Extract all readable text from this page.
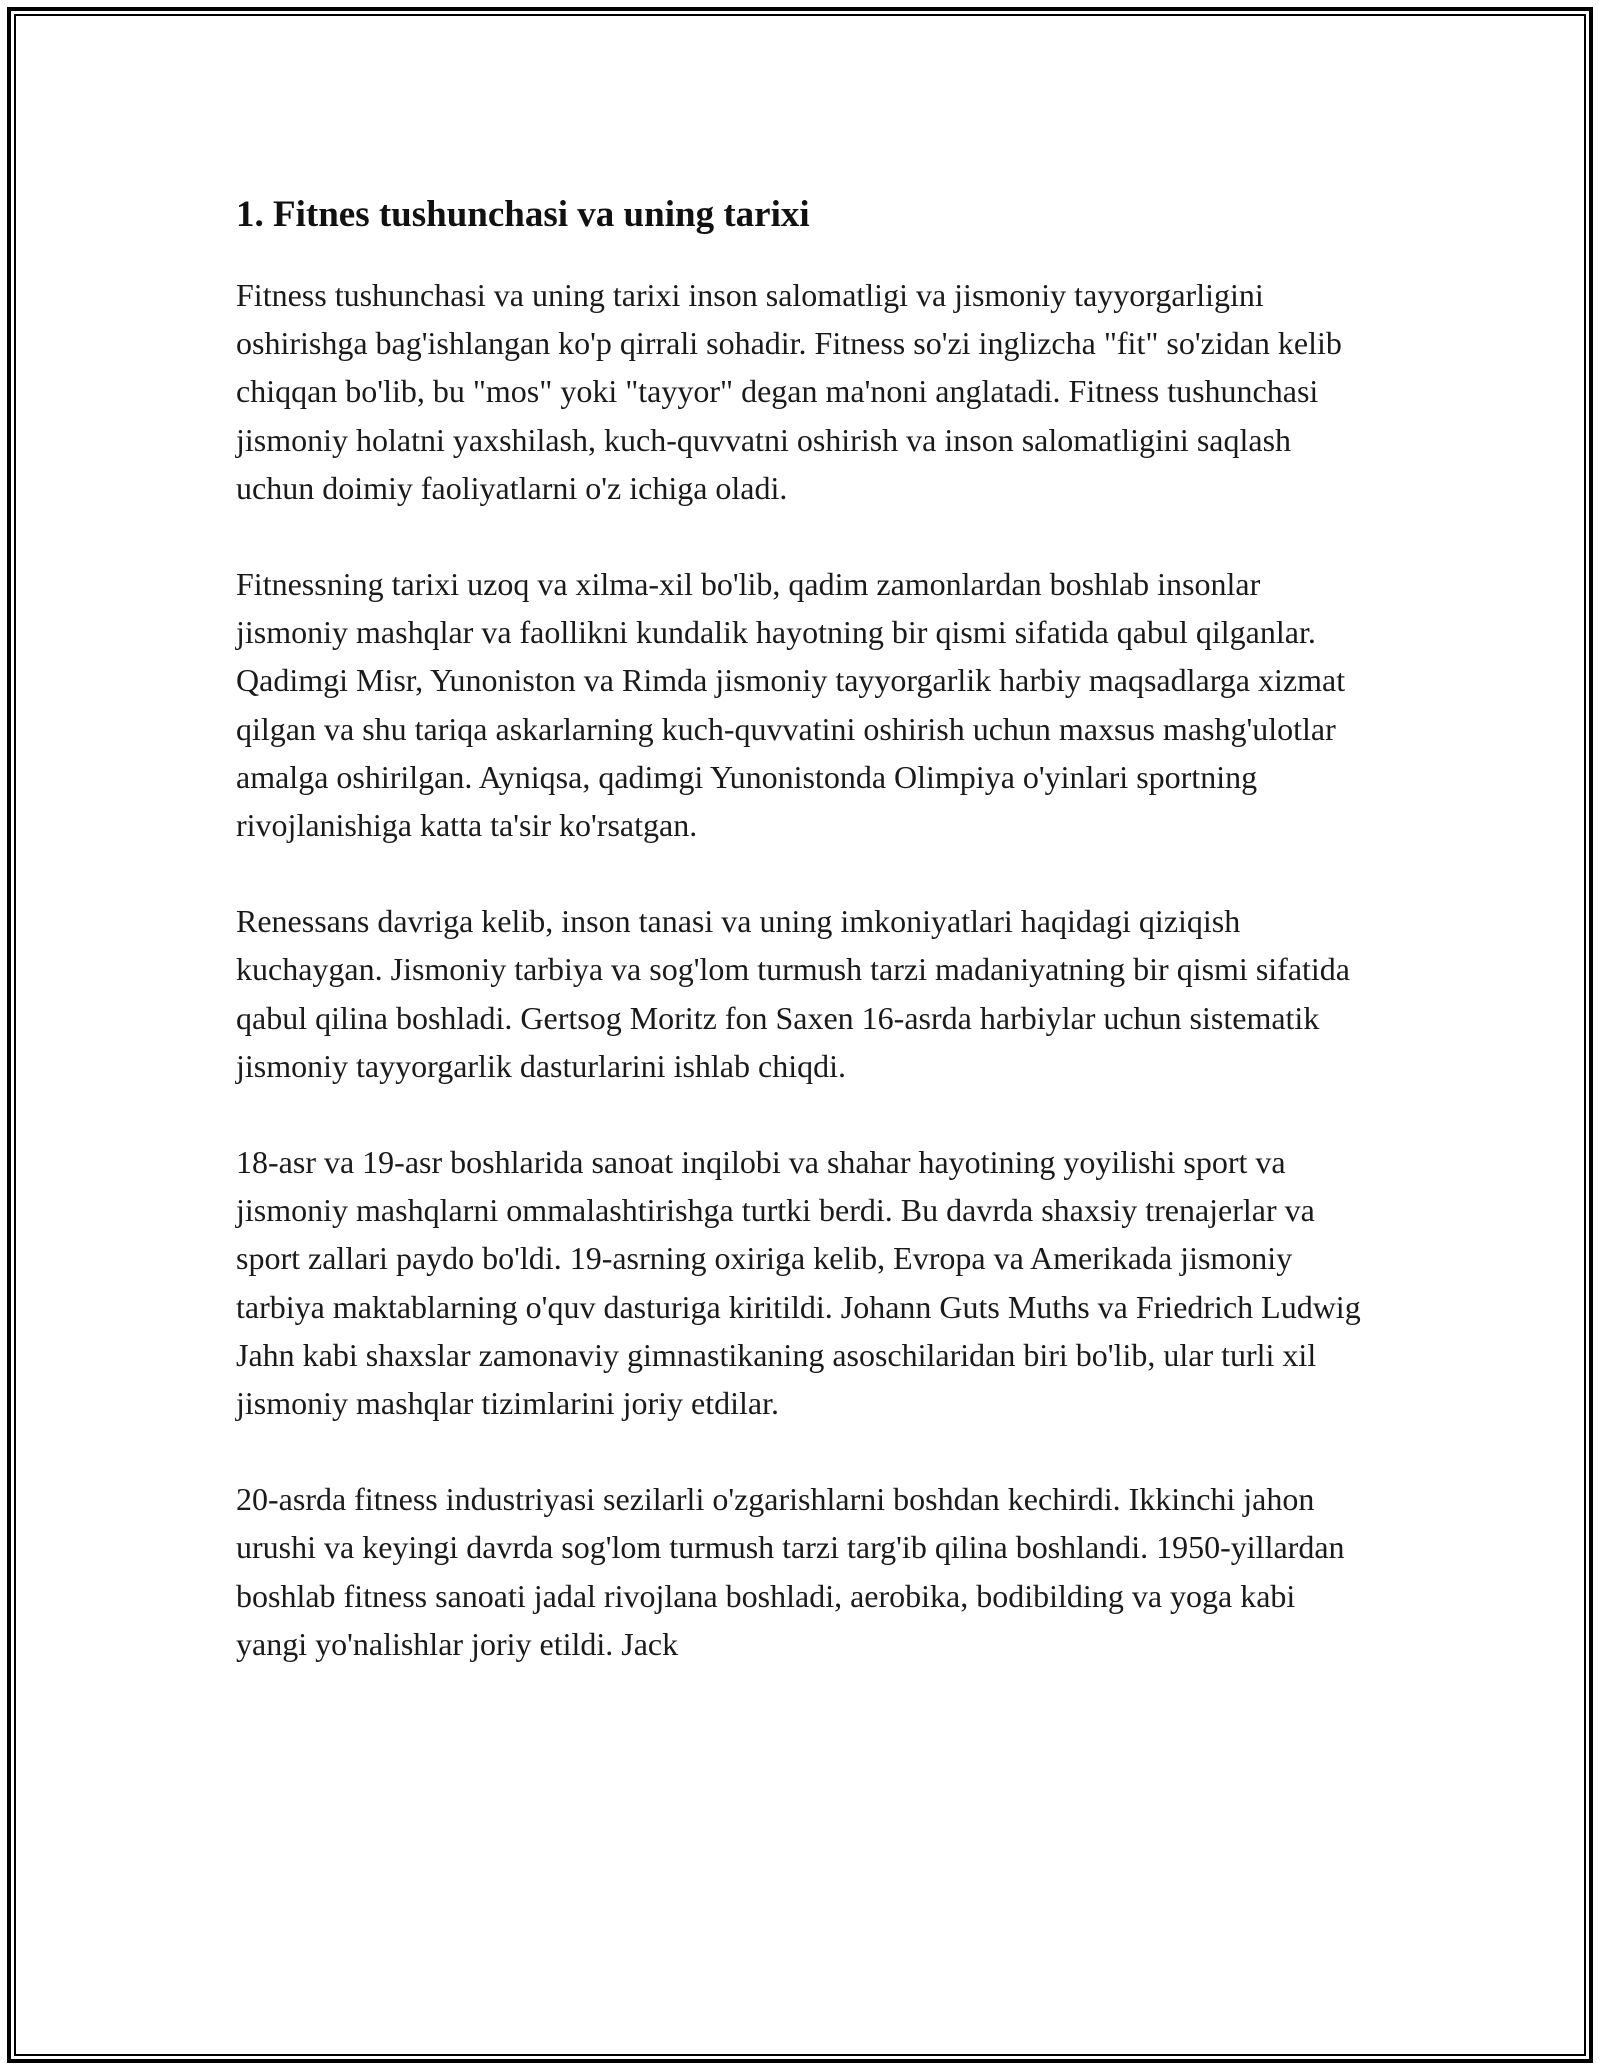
1. Fitnes tushunchasi va uning tarixi

Fitness tushunchasi va uning tarixi inson salomatligi va jismoniy tayyorgarligini oshirishga bag'ishlangan ko'p qirrali sohadir. Fitness so'zi inglizcha "fit" so'zidan kelib chiqqan bo'lib, bu "mos" yoki "tayyor" degan ma'noni anglatadi. Fitness tushunchasi jismoniy holatni yaxshilash, kuch-quvvatni oshirish va inson salomatligini saqlash uchun doimiy faoliyatlarni o'z ichiga oladi.

Fitnessning tarixi uzoq va xilma-xil bo'lib, qadim zamonlardan boshlab insonlar jismoniy mashqlar va faollikni kundalik hayotning bir qismi sifatida qabul qilganlar. Qadimgi Misr, Yunoniston va Rimda jismoniy tayyorgarlik harbiy maqsadlarga xizmat qilgan va shu tariqa askarlarning kuch-quvvatini oshirish uchun maxsus mashg'ulotlar amalga oshirilgan. Ayniqsa, qadimgi Yunonistonda Olimpiya o'yinlari sportning rivojlanishiga katta ta'sir ko'rsatgan.

Renessans davriga kelib, inson tanasi va uning imkoniyatlari haqidagi qiziqish kuchaygan. Jismoniy tarbiya va sog'lom turmush tarzi madaniyatning bir qismi sifatida qabul qilina boshladi. Gertsog Moritz fon Saxen 16-asrda harbiylar uchun sistematik jismoniy tayyorgarlik dasturlarini ishlab chiqdi.

18-asr va 19-asr boshlarida sanoat inqilobi va shahar hayotining yoyilishi sport va jismoniy mashqlarni ommalashtirishga turtki berdi. Bu davrda shaxsiy trenajerlar va sport zallari paydo bo'ldi. 19-asrning oxiriga kelib, Evropa va Amerikada jismoniy tarbiya maktablarning o'quv dasturiga kiritildi. Johann Guts Muths va Friedrich Ludwig Jahn kabi shaxslar zamonaviy gimnastikaning asoschilaridan biri bo'lib, ular turli xil jismoniy mashqlar tizimlarini joriy etdilar.

20-asrda fitness industriyasi sezilarli o'zgarishlarni boshdan kechirdi. Ikkinchi jahon urushi va keyingi davrda sog'lom turmush tarzi targ'ib qilina boshlandi. 1950-yillardan boshlab fitness sanoati jadal rivojlana boshladi, aerobika, bodibilding va yoga kabi yangi yo'nalishlar joriy etildi. Jack
